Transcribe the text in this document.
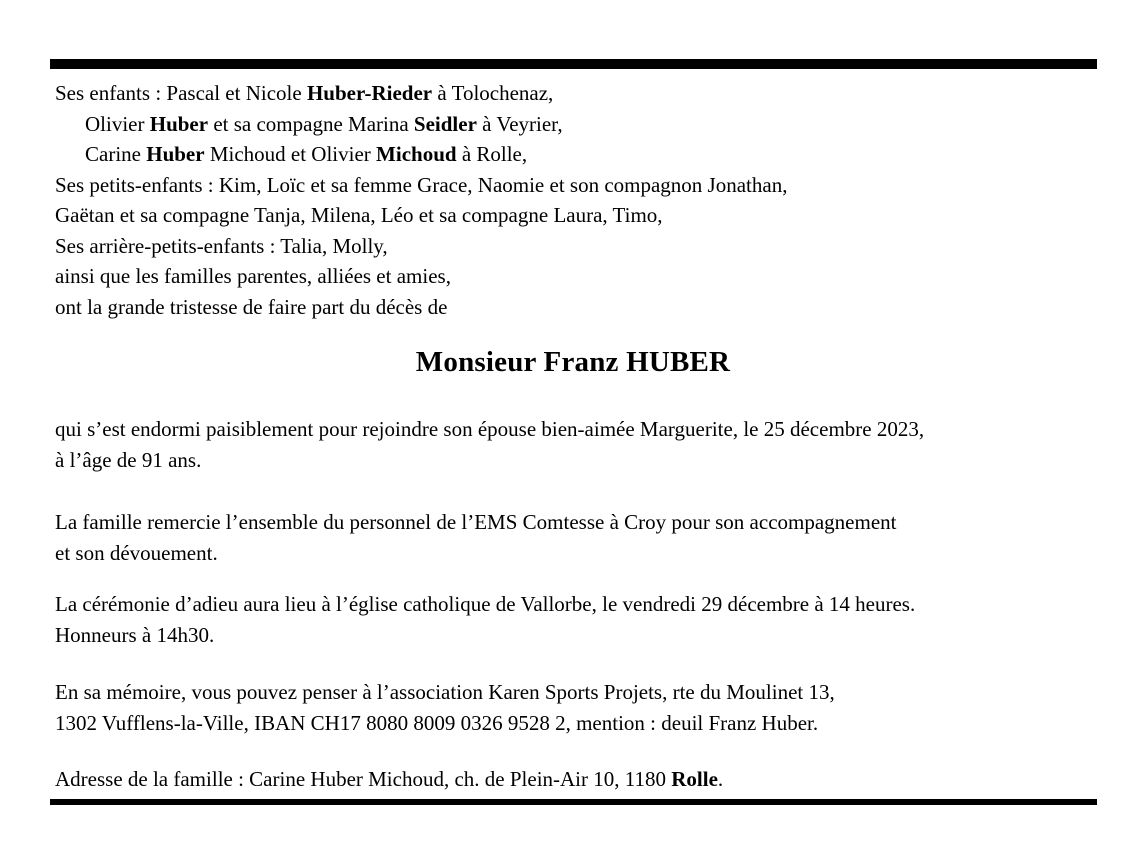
Ses enfants : Pascal et Nicole Huber-Rieder à Tolochenaz,
Olivier Huber et sa compagne Marina Seidler à Veyrier,
Carine Huber Michoud et Olivier Michoud à Rolle,
Ses petits-enfants : Kim, Loïc et sa femme Grace, Naomie et son compagnon Jonathan,
Gaëtan et sa compagne Tanja, Milena, Léo et sa compagne Laura, Timo,
Ses arrière-petits-enfants : Talia, Molly,
ainsi que les familles parentes, alliées et amies,
ont la grande tristesse de faire part du décès de
Monsieur Franz HUBER
qui s’est endormi paisiblement pour rejoindre son épouse bien-aimée Marguerite, le 25 décembre 2023,
à l’âge de 91 ans.
La famille remercie l’ensemble du personnel de l’EMS Comtesse à Croy pour son accompagnement
et son dévouement.
La cérémonie d’adieu aura lieu à l’église catholique de Vallorbe, le vendredi 29 décembre à 14 heures.
Honneurs à 14h30.
En sa mémoire, vous pouvez penser à l’association Karen Sports Projets, rte du Moulinet 13,
1302 Vufflens-la-Ville, IBAN CH17 8080 8009 0326 9528 2, mention : deuil Franz Huber.
Adresse de la famille : Carine Huber Michoud, ch. de Plein-Air 10, 1180 Rolle.
